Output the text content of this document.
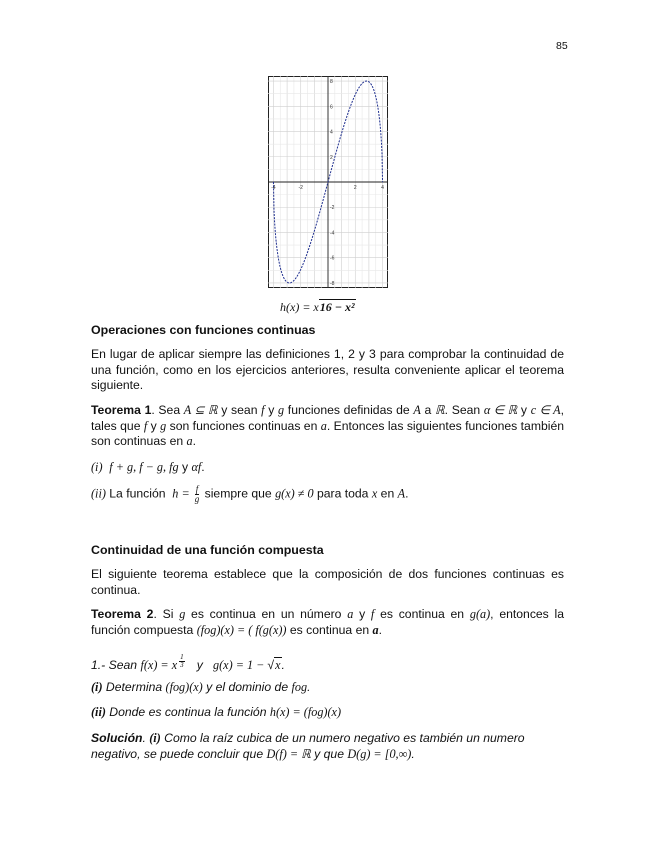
85
-4	-2	2	4
8
6
4
2
-2
-4
-6
-8
h(x) = x16 − x²
Operaciones con funciones continuas
En lugar de aplicar siempre las definiciones 1, 2 y 3 para comprobar la continuidad de una función, como en los ejercicios anteriores, resulta conveniente aplicar el teorema siguiente.
Teorema 1. Sea A ⊆ ℝ y sean f y g funciones definidas de A a ℝ. Sean α ∈ ℝ y c ∈ A, tales que f y g son funciones continuas en a. Entonces las siguientes funciones también son continuas en a.
(i) f + g, f − g, fg y αf.
(ii) La función  $h = \frac{f}{g}$ siempre que g(x) ≠ 0 para toda x en A.
Continuidad de una función compuesta
El siguiente teorema establece que la composición de dos funciones continuas es continua.
Teorema 2. Si g es continua en un número a y f es continua en g(a), entonces la función compuesta (fog)(x) = ( f(g(x)) es continua en a.
1.- Sean f(x) = x $^{\frac{1}{3}}$ y   g(x) = 1 − √x.
(i) Determina (fog)(x) y el dominio de fog.
(ii) Donde es continua la función h(x) = (fog)(x)
Solución. (i) Como la raíz cubica de un numero negativo es también un numero negativo, se puede concluir que D(f) = ℝ y que D(g) = [0,∞).
